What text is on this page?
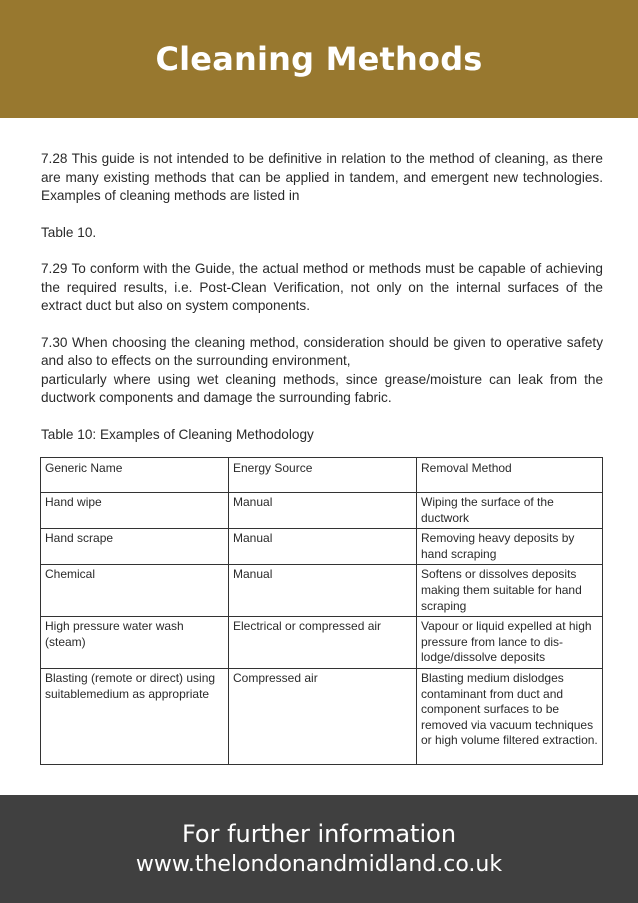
Cleaning Methods

7.28 This guide is not intended to be definitive in relation to the method of cleaning, as there are many existing methods that can be applied in tandem, and emergent new technologies. Examples of cleaning methods are listed in

Table 10.

7.29 To conform with the Guide, the actual method or methods must be capable of achieving the required results, i.e. Post-Clean Verification, not only on the internal surfaces of the extract duct but also on system components.

7.30 When choosing the cleaning method, consideration should be given to operative safety and also to effects on the surrounding environment,

particularly where using wet cleaning methods, since grease/moisture can leak from the ductwork components and damage the surrounding fabric.

Table 10: Examples of Cleaning Methodology

Generic Name	Energy Source	Removal Method
Hand wipe	Manual	Wiping the surface of the ductwork
Hand scrape	Manual	Removing heavy deposits by hand scraping
Chemical	Manual	Softens or dissolves deposits making them suitable for hand scraping
High pressure water wash (steam)	Electrical or compressed air	Vapour or liquid expelled at high pressure from lance to dis-lodge/dissolve deposits
Blasting (remote or direct) using suitablemedium as appropriate	Compressed air	Blasting medium dislodges contaminant from duct and component surfaces to be removed via vacuum techniques or high volume filtered extraction.
For further information
www.thelondonandmidland.co.uk
